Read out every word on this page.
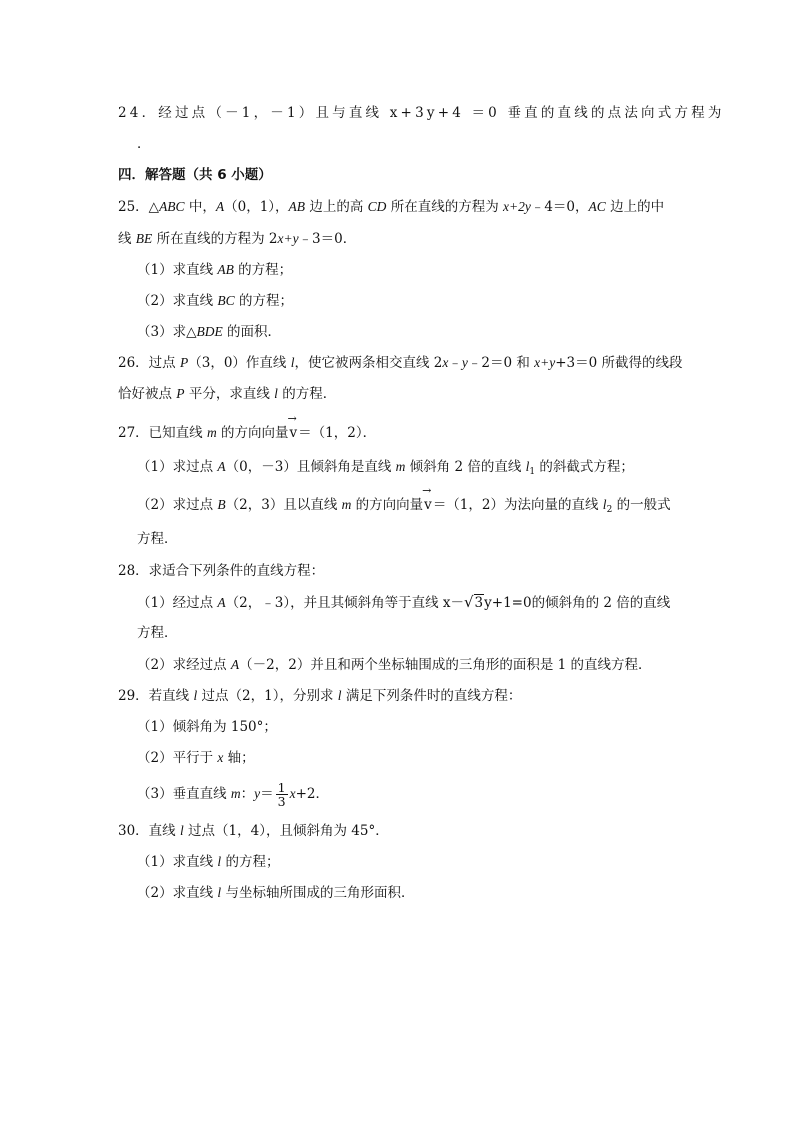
24．经过点（－1，－1）且与直线 x+3y+4 ＝0 垂直的直线的点法向式方程为
．
四．解答题（共 6 小题）
25．△ABC 中，A（0，1），AB 边上的高 CD 所在直线的方程为 x+2y﹣4＝0，AC 边上的中
线 BE 所在直线的方程为 2x+y﹣3＝0．
（1）求直线 AB 的方程；
（2）求直线 BC 的方程；
（3）求△BDE 的面积．
26．过点 P（3，0）作直线 l，使它被两条相交直线 2x﹣y﹣2＝0 和 x+y+3＝0 所截得的线段
恰好被点 P 平分，求直线 l 的方程．
27．已知直线 m 的方向向量
→
v＝（1，2）．
（1）求过点 A（0，－3）且倾斜角是直线 m 倾斜角 2 倍的直线 $l_1$ 的斜截式方程；
（2）求过点 B（2，3）且以直线 m 的方向向量
→
v＝（1，2）为法向量的直线 $l_2$ 的一般式
方程．
28．求适合下列条件的直线方程：
（1）经过点 A（2，﹣3），并且其倾斜角等于直线 x－√3y+1=0的倾斜角的 2 倍的直线
方程．
（2）求经过点 A（－2，2）并且和两个坐标轴围成的三角形的面积是 1 的直线方程．
29．若直线 l 过点（2，1），分别求 l 满足下列条件时的直线方程：
（1）倾斜角为 150°；
（2）平行于 x 轴；
（3）垂直直线 m：$y= \frac{1}{3} x+2$．
30．直线 l 过点（1，4），且倾斜角为 45°．
（1）求直线 l 的方程；
（2）求直线 l 与坐标轴所围成的三角形面积．
